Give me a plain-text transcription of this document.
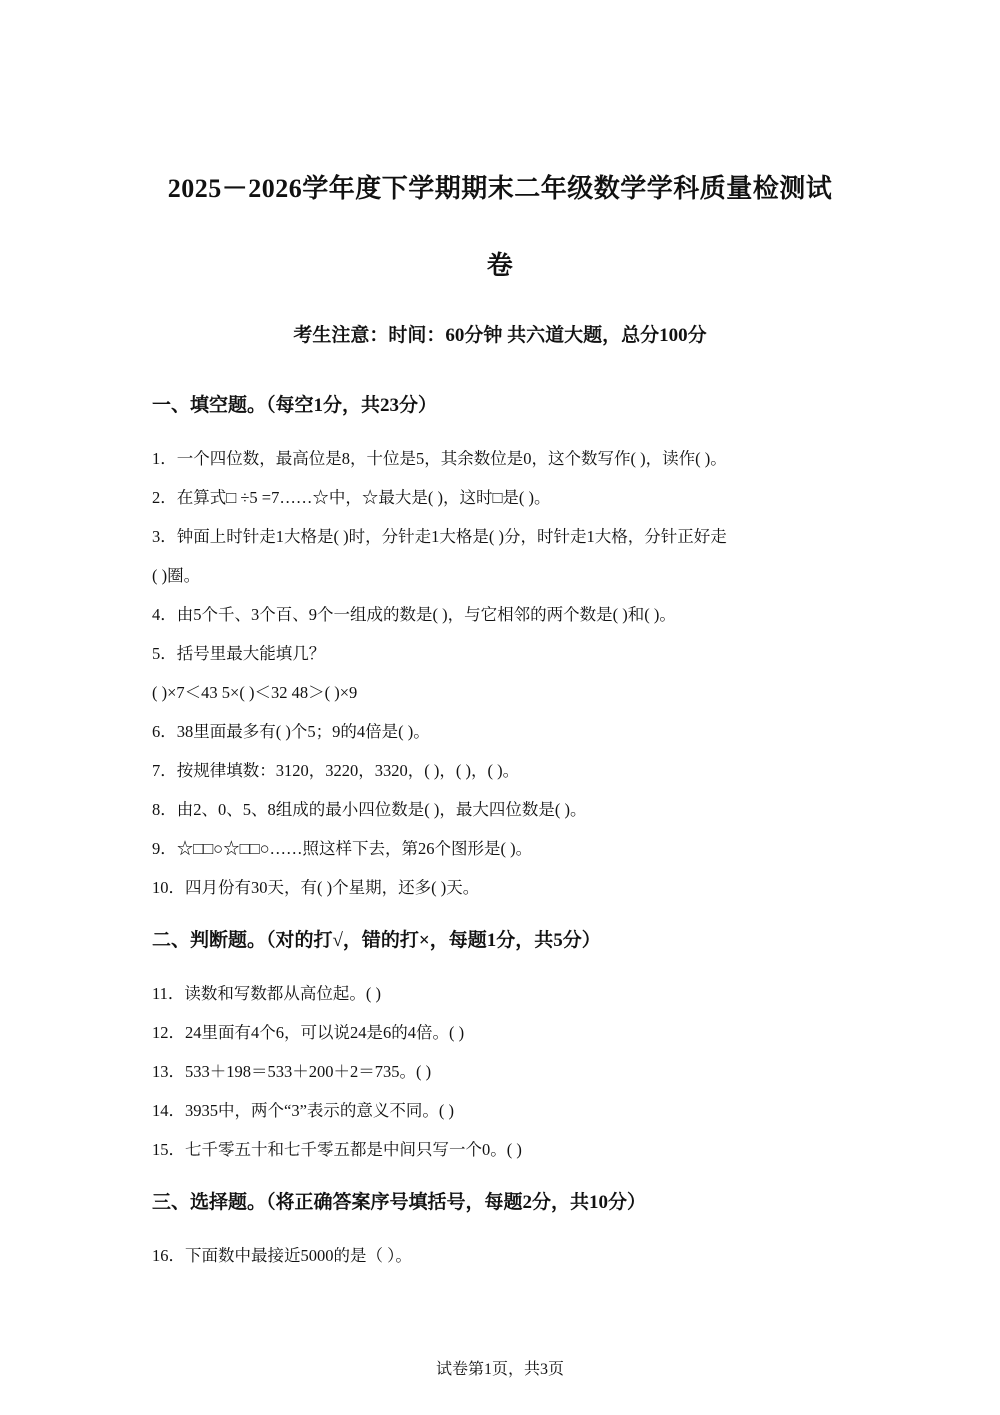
2025－2026学年度下学期期末二年级数学学科质量检测试
卷
考生注意：时间：60分钟 共六道大题，总分100分
一、填空题。（每空1分，共23分）
1．一个四位数，最高位是8，十位是5，其余数位是0，这个数写作( )，读作( )。
2．在算式□ ÷5 =7……☆中，☆最大是( )，这时□是( )。
3．钟面上时针走1大格是( )时，分针走1大格是( )分，时针走1大格，分针正好走
( )圈。
4．由5个千、3个百、9个一组成的数是( )，与它相邻的两个数是( )和( )。
5．括号里最大能填几？
( )×7＜43 5×( )＜32 48＞( )×9
6．38里面最多有( )个5；9的4倍是( )。
7．按规律填数：3120，3220，3320，( )，( )，( )。
8．由2、0、5、8组成的最小四位数是( )，最大四位数是( )。
9．☆□□○☆□□○……照这样下去，第26个图形是( )。
10．四月份有30天，有( )个星期，还多( )天。
二、判断题。（对的打√，错的打×，每题1分，共5分）
11．读数和写数都从高位起。( )
12．24里面有4个6，可以说24是6的4倍。( )
13．533＋198＝533＋200＋2＝735。( )
14．3935中，两个“3”表示的意义不同。( )
15．七千零五十和七千零五都是中间只写一个0。( )
三、选择题。（将正确答案序号填括号，每题2分，共10分）
16．下面数中最接近5000的是（ ）。
试卷第1页，共3页
